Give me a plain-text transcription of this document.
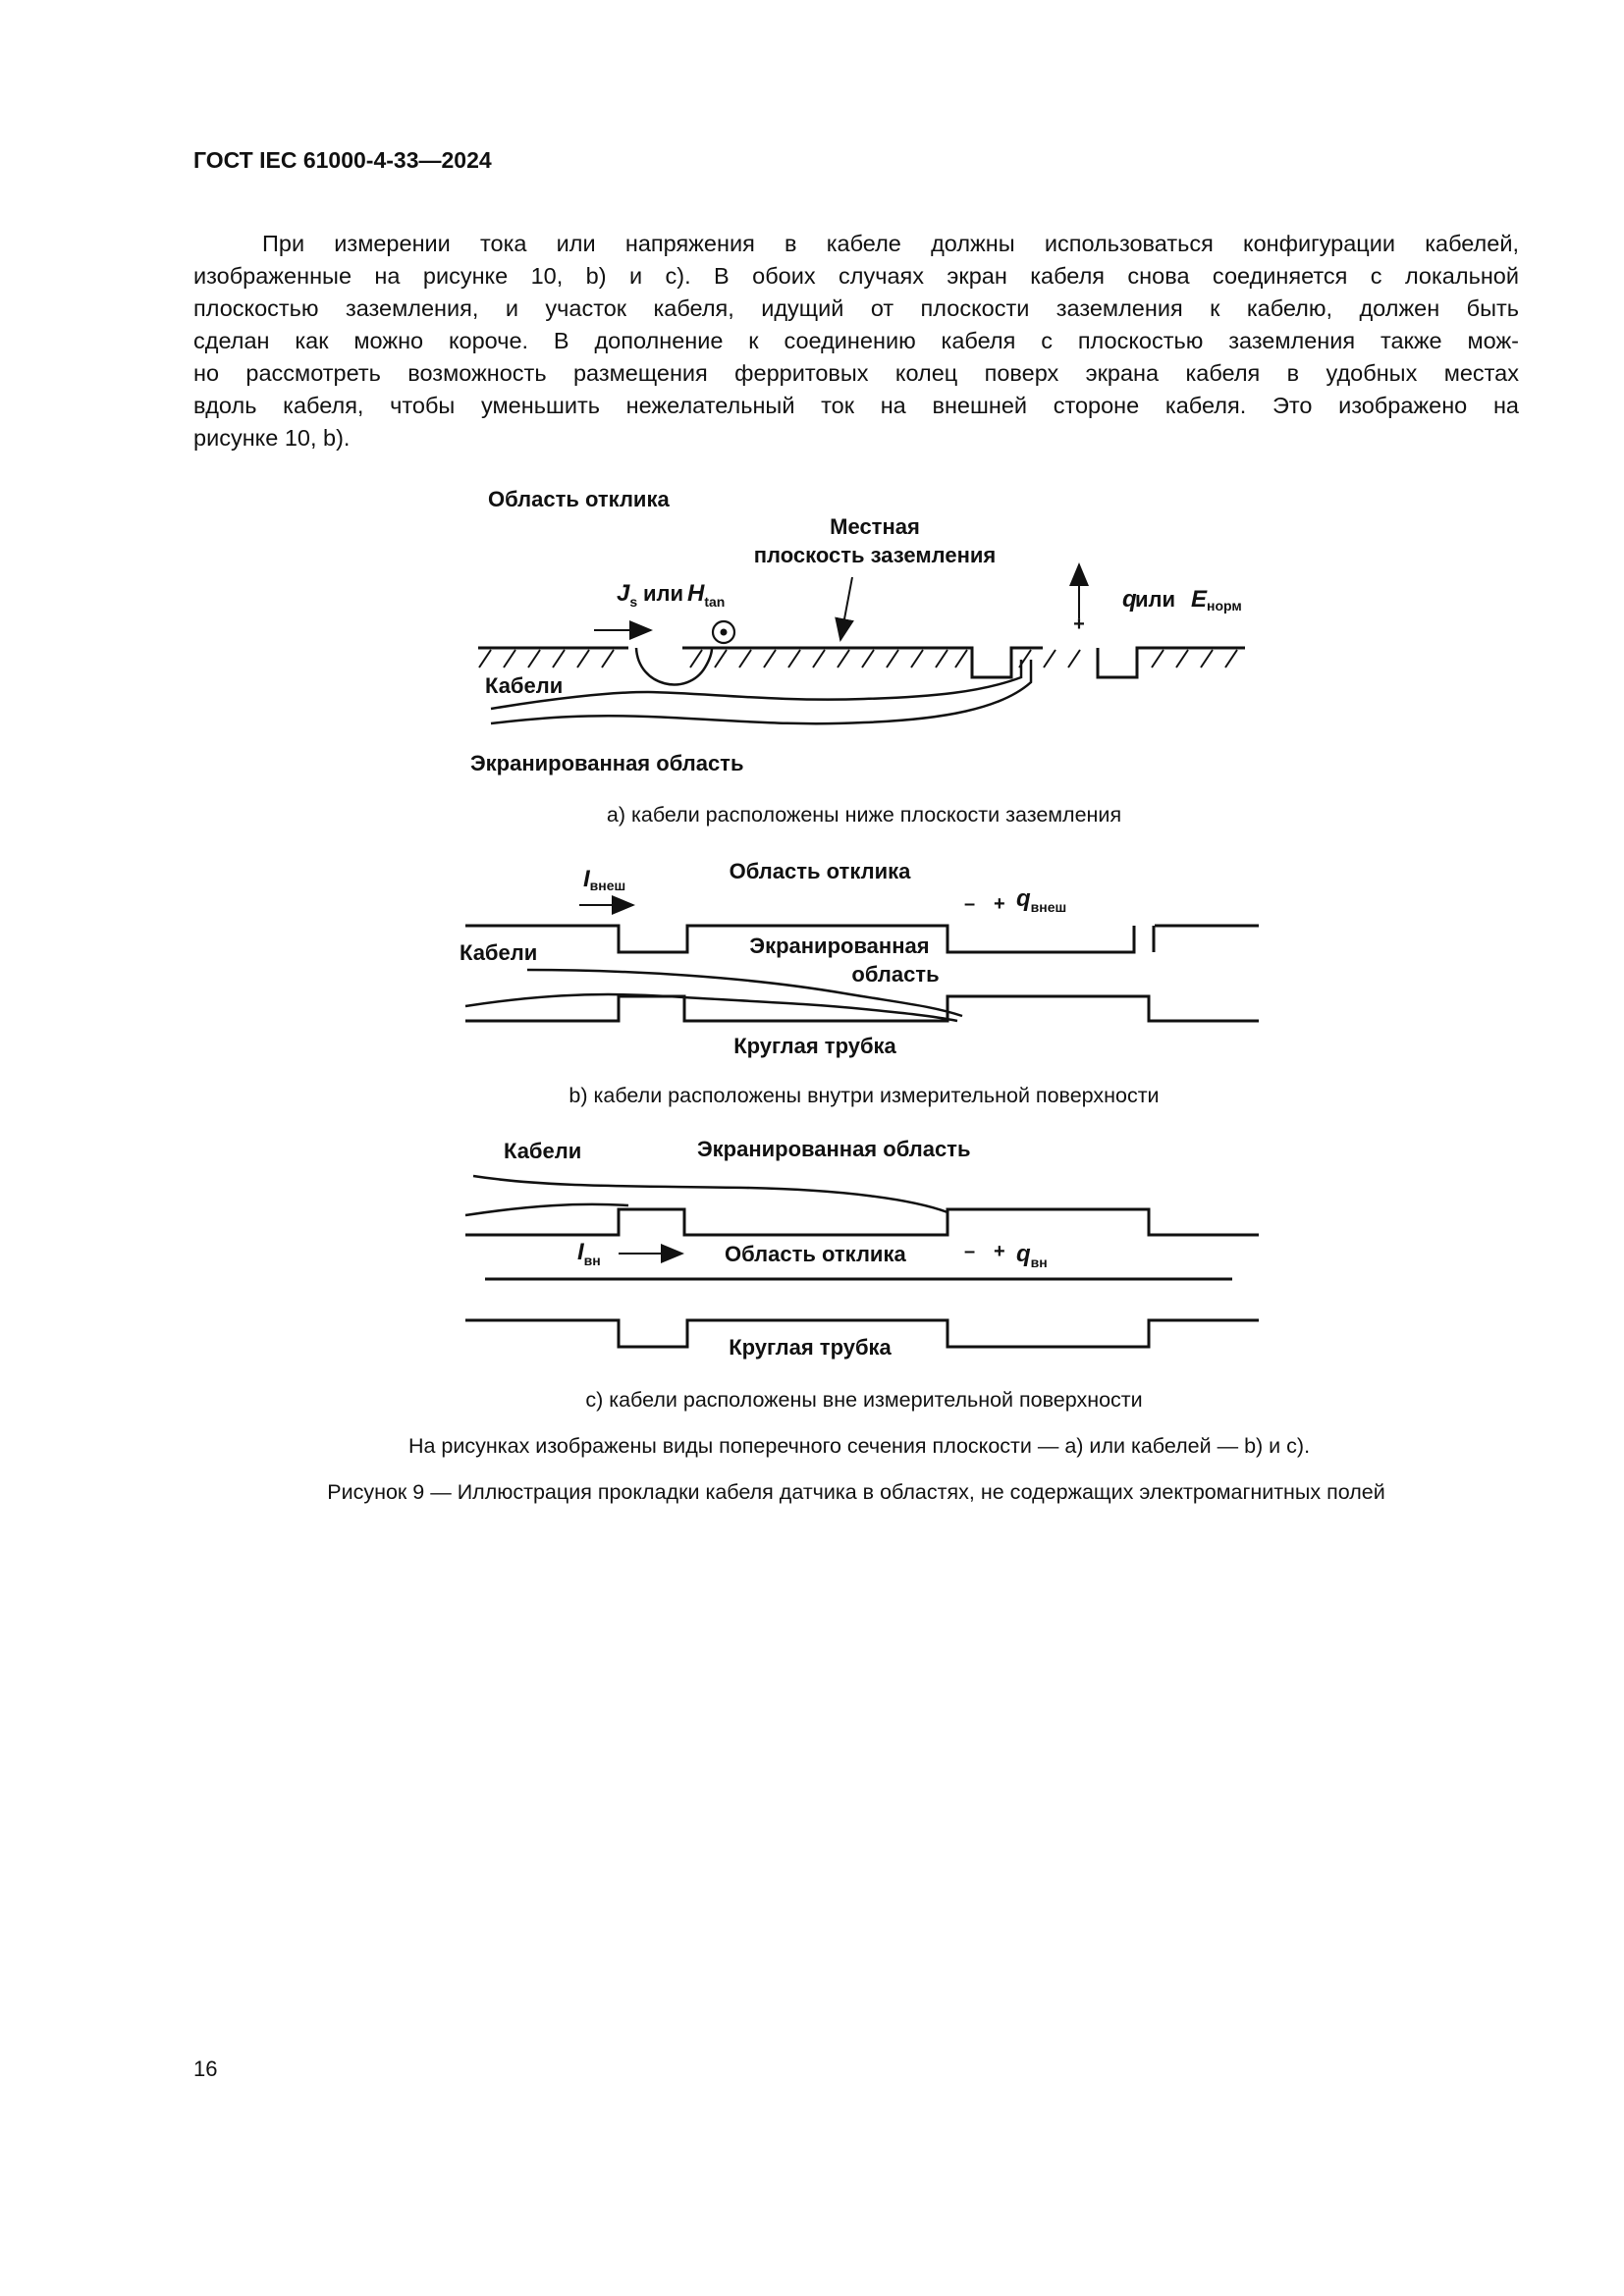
ГОСТ IEC 61000-4-33—2024
При измерении тока или напряжения в кабеле должны использоваться конфигурации кабелей,
изображенные на рисунке 10, b) и c). В обоих случаях экран кабеля снова соединяется с локальной
плоскостью заземления, и участок кабеля, идущий от плоскости заземления к кабелю, должен быть
сделан как можно короче. В дополнение к соединению кабеля с плоскостью заземления также мож-
но рассмотреть возможность размещения ферритовых колец поверх экрана кабеля в удобных местах
вдоль кабеля, чтобы уменьшить нежелательный ток на внешней стороне кабеля. Это изображено на
рисунке 10, b).
Область отклика
Местная
плоскость заземления
$J_s$ или $H_{tan}$
+
q
или Eнорм
Кабели
Экранированная область
Iвнеш
Область отклика
– + $q_{внеш}$
Кабели	Экранированная
область
Круглая трубка
Кабели	Экранированная область
$I_{вн}$	Область отклика	– + $q_{вн}$
Круглая трубка
а) кабели расположены ниже плоскости заземления
b) кабели расположены внутри измерительной поверхности
c) кабели расположены вне измерительной поверхности
На рисунках изображены виды поперечного сечения плоскости — а) или кабелей — b) и c).
Рисунок 9 — Иллюстрация прокладки кабеля датчика в областях, не содержащих электромагнитных полей
16
